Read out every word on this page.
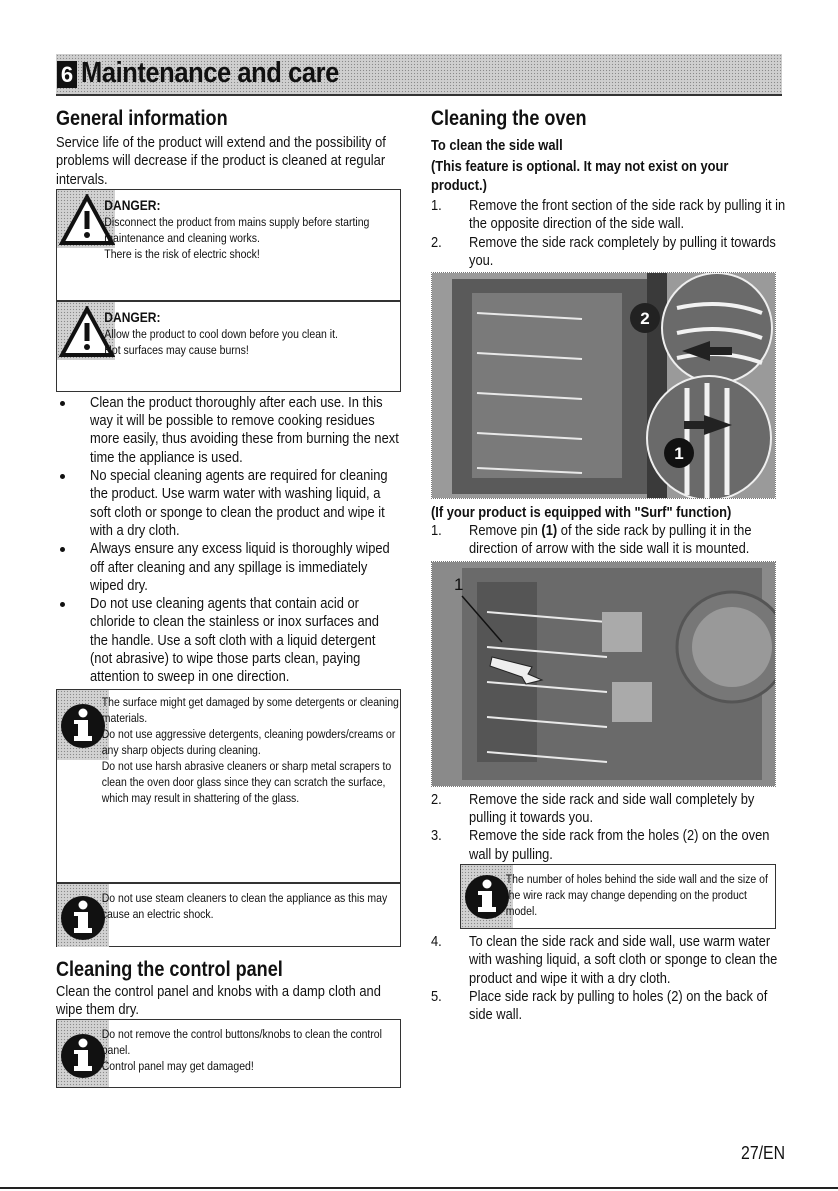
6 Maintenance and care
General information
Service life of the product will extend and the possibility of problems will decrease if the product is cleaned at regular intervals.
DANGER:
Disconnect the product from mains supply before starting maintenance and cleaning works.
There is the risk of electric shock!
DANGER:
Allow the product to cool down before you clean it.
Hot surfaces may cause burns!
Clean the product thoroughly after each use. In this way it will be possible to remove cooking residues more easily, thus avoiding these from burning the next time the appliance is used.
No special cleaning agents are required for cleaning the product. Use warm water with washing liquid, a soft cloth or sponge to clean the product and wipe it with a dry cloth.
Always ensure any excess liquid is thoroughly wiped off after cleaning and any spillage is immediately wiped dry.
Do not use cleaning agents that contain acid or chloride to clean the stainless or inox surfaces and the handle. Use a soft cloth with a liquid detergent (not abrasive) to wipe those parts clean, paying attention to sweep in one direction.
The surface might get damaged by some detergents or cleaning materials.
Do not use aggressive detergents, cleaning powders/creams or any sharp objects during cleaning.
Do not use harsh abrasive cleaners or sharp metal scrapers to clean the oven door glass since they can scratch the surface, which may result in shattering of the glass.
Do not use steam cleaners to clean the appliance as this may cause an electric shock.
Cleaning the control panel
Clean the control panel and knobs with a damp cloth and wipe them dry.
Do not remove the control buttons/knobs to clean the control panel.
Control panel may get damaged!
Cleaning the oven
To clean the side wall
(This feature is optional. It may not exist on your product.)
1. Remove the front section of the side rack by pulling it in the opposite direction of the side wall.
2. Remove the side rack completely by pulling it towards you.
2
1
(If your product is equipped with "Surf" function)
1. Remove pin (1) of the side rack by pulling it in the direction of arrow with the side wall it is mounted.
1
2. Remove the side rack and side wall completely by pulling it towards you.
3. Remove the side rack from the holes (2) on the oven wall by pulling.
The number of holes behind the side wall and the size of the wire rack may change depending on the product model.
4. To clean the side rack and side wall, use warm water with washing liquid, a soft cloth or sponge to clean the product and wipe it with a dry cloth.
5. Place side rack by pulling to holes (2) on the back of side wall.
27/EN
